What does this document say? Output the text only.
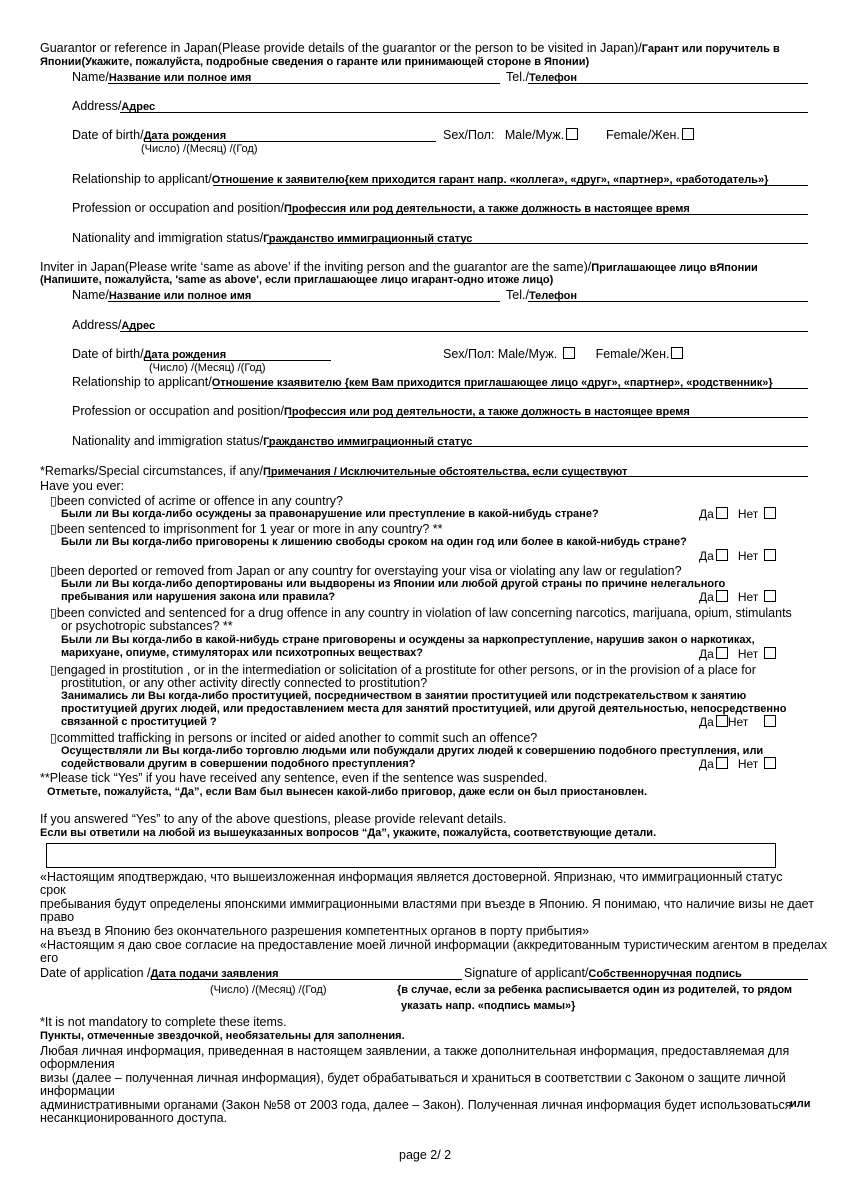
Guarantor or reference in Japan(Please provide details of the guarantor or the person to be visited in Japan)/Гарант или поручитель в
Японии(Укажите, пожалуйста, подробные сведения о гаранте или принимающей стороне в Японии)
Name/Название или полное имя	Tel./Телефон
Address/Адрес
Date of birth/Дата рождения	Sex/Пол: Male/Муж.	Female/Жен.
(Число) /(Месяц) /(Год)
Relationship to applicant/Отношение к заявителю{кем приходится гарант напр. «коллега», «друг», «партнер», «работодатель»}
Profession or occupation and position/Профессия или род деятельности, а также должность в настоящее время
Nationality and immigration status/Гражданство иммиграционный статус
Inviter in Japan(Please write ‘same as above’ if the inviting person and the guarantor are the same)/Приглашающее лицо вЯпонии
(Напишите, пожалуйста, 'same as above', если приглашающее лицо игарант-одно итоже лицо)
Name/Название или полное имя	Tel./Телефон
Address/Адрес
Date of birth/Дата рождения	Sex/Пол: Male/Муж.	Female/Жен.
(Число) /(Месяц) /(Год)
Relationship to applicant/Отношение кзаявителю {кем Вам приходится приглашающее лицо «друг», «партнер», «родственник»}
Profession or occupation and position/Профессия или род деятельности, а также должность в настоящее время
Nationality and immigration status/Гражданство иммиграционный статус
*Remarks/Special circumstances, if any/Примечания / Исключительные обстоятельства, если существуют
Have you ever:
▯been convicted of acrime or offence in any country?
Были ли Вы когда-либо осуждены за правонарушение или преступление в какой-нибудь стране?	Да Нет
▯been sentenced to imprisonment for 1 year or more in any country? **
Были ли Вы когда-либо приговорены к лишению свободы сроком на один год или более в какой-нибудь стране?
Да Нет
▯been deported or removed from Japan or any country for overstaying your visa or violating any law or regulation?
Были ли Вы когда-либо депортированы или выдворены из Японии или любой другой страны по причине нелегального
пребывания или нарушения закона или правила?	Да Нет
▯been convicted and sentenced for a drug offence in any country in violation of law concerning narcotics, marijuana, opium, stimulants
or psychotropic substances? **
Были ли Вы когда-либо в какой-нибудь стране приговорены и осуждены за наркопреступление, нарушив закон о наркотиках,
марихуане, опиуме, стимуляторах или психотропных веществах?	Да Нет
▯engaged in prostitution , or in the intermediation or solicitation of a prostitute for other persons, or in the provision of a place for
prostitution, or any other activity directly connected to prostitution?
Занимались ли Вы когда-либо проституцией, посредничеством в занятии проституцией или подстрекательством к занятию
проституцией других людей, или предоставлением места для занятий проституцией, или другой деятельностью, непосредственно
связанной с проституцией ?	Да Нет
▯committed trafficking in persons or incited or aided another to commit such an offence?
Осуществляли ли Вы когда-либо торговлю людьми или побуждали других людей к совершению подобного преступления, или
содействовали другим в совершении подобного преступления?	Да Нет
**Please tick “Yes” if you have received any sentence, even if the sentence was suspended.
Отметьте, пожалуйста, “Да”, если Вам был вынесен какой-либо приговор, даже если он был приостановлен.
If you answered “Yes” to any of the above questions, please provide relevant details.
Если вы ответили на любой из вышеуказанных вопросов “Да”, укажите, пожалуйста, соответствующие детали.
«Настоящим яподтверждаю, что вышеизложенная информация является достоверной. Япризнаю, что иммиграционный статус
срок
пребывания будут определены японскими иммиграционными властями при въезде в Японию. Я понимаю, что наличие визы не дает
право
на въезд в Японию без окончательного разрешения компетентных органов в порту прибытия»
«Настоящим я даю свое согласие на предоставление моей личной информации (аккредитованным туристическим агентом в пределах
его
Date of application /Дата подачи заявления	Signature of applicant/Собственноручная подпись
(Число) /(Месяц) /(Год)	{в случае, если за ребенка расписывается один из родителей, то рядом
указать напр. «подпись мамы»}
*It is not mandatory to complete these items.
Пункты, отмеченные звездочкой, необязательны для заполнения.
Любая личная информация, приведенная в настоящем заявлении, а также дополнительная информация, предоставляемая для
оформления
визы (далее – полученная личная информация), будет обрабатываться и храниться в соответствии с Законом о защите личной
информации
административными органами (Закон №58 от 2003 года, далее – Закон). Полученная личная информация будет использоваться
или
несанкционированного доступа.
page 2/ 2
